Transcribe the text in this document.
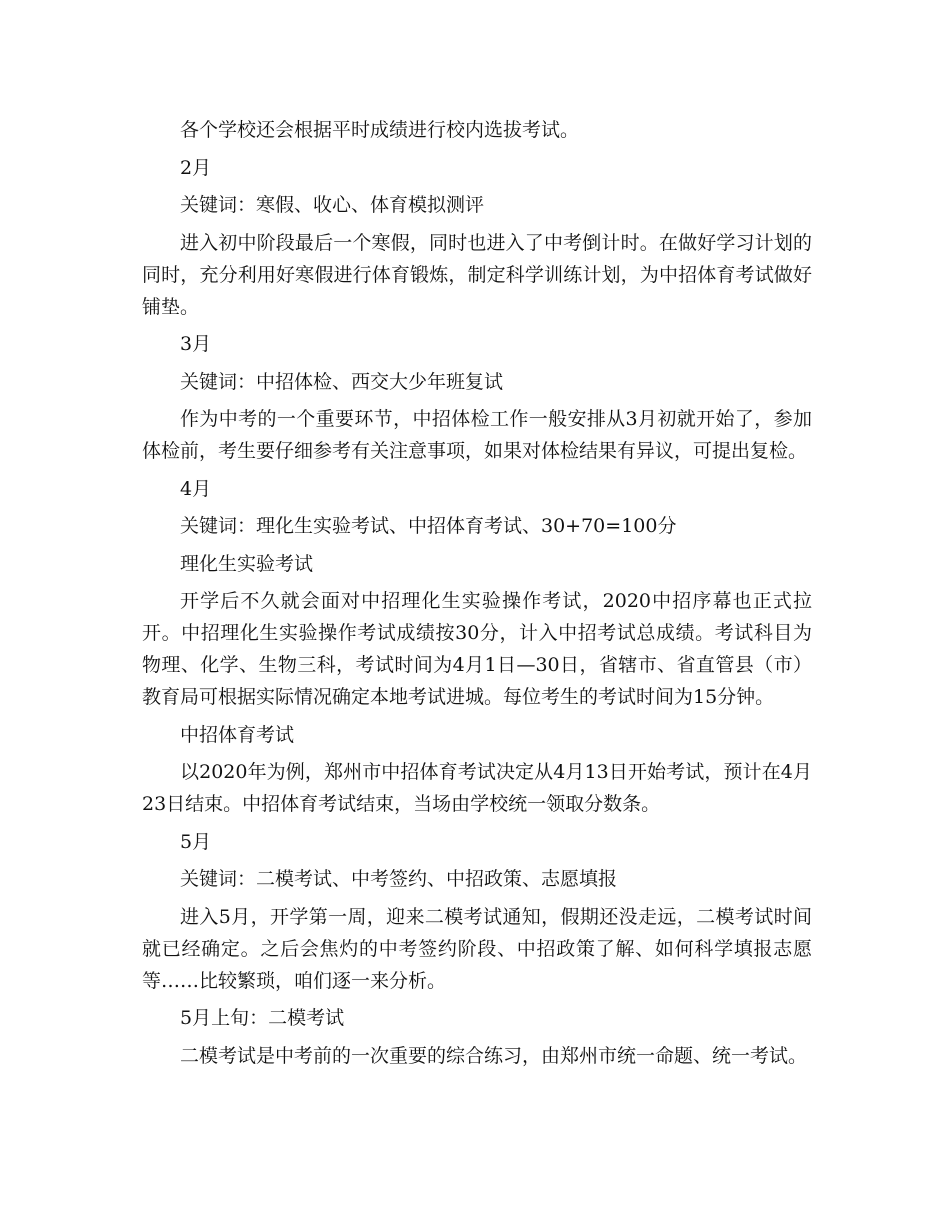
各个学校还会根据平时成绩进行校内选拔考试。

2月

关键词：寒假、收心、体育模拟测评

进入初中阶段最后一个寒假，同时也进入了中考倒计时。在做好学习计划的同时，充分利用好寒假进行体育锻炼，制定科学训练计划，为中招体育考试做好铺垫。

3月

关键词：中招体检、西交大少年班复试

作为中考的一个重要环节，中招体检工作一般安排从3月初就开始了，参加体检前，考生要仔细参考有关注意事项，如果对体检结果有异议，可提出复检。

4月

关键词：理化生实验考试、中招体育考试、30+70=100分

理化生实验考试

开学后不久就会面对中招理化生实验操作考试，2020中招序幕也正式拉开。中招理化生实验操作考试成绩按30分，计入中招考试总成绩。考试科目为物理、化学、生物三科，考试时间为4月1日—30日，省辖市、省直管县（市）教育局可根据实际情况确定本地考试进城。每位考生的考试时间为15分钟。

中招体育考试

以2020年为例，郑州市中招体育考试决定从4月13日开始考试，预计在4月23日结束。中招体育考试结束，当场由学校统一领取分数条。

5月

关键词：二模考试、中考签约、中招政策、志愿填报

进入5月，开学第一周，迎来二模考试通知，假期还没走远，二模考试时间就已经确定。之后会焦灼的中考签约阶段、中招政策了解、如何科学填报志愿等……比较繁琐，咱们逐一来分析。

5月上旬：二模考试

二模考试是中考前的一次重要的综合练习，由郑州市统一命题、统一考试。
